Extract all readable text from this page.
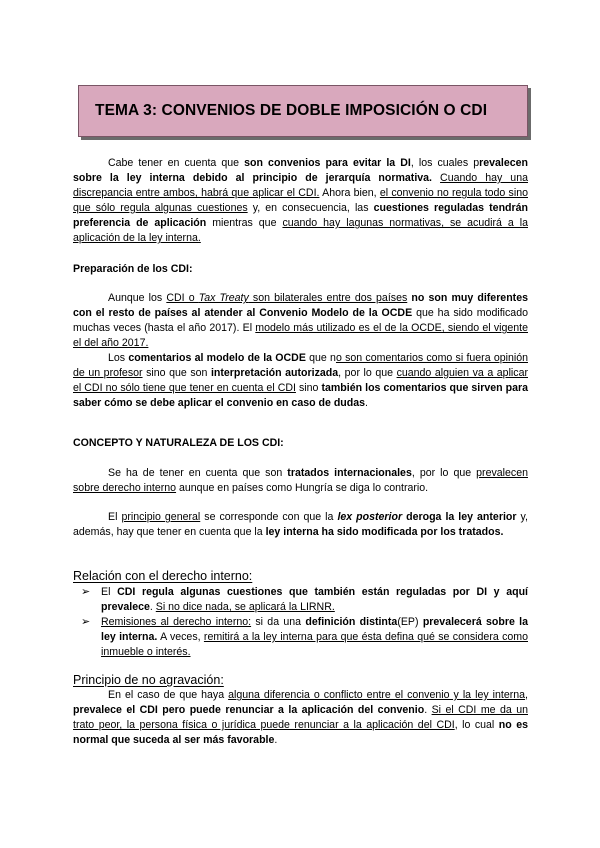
TEMA 3: CONVENIOS DE DOBLE IMPOSICIÓN O CDI

Cabe tener en cuenta que son convenios para evitar la DI, los cuales prevalecen sobre la ley interna debido al principio de jerarquía normativa. Cuando hay una discrepancia entre ambos, habrá que aplicar el CDI. Ahora bien, el convenio no regula todo sino que sólo regula algunas cuestiones y, en consecuencia, las cuestiones reguladas tendrán preferencia de aplicación mientras que cuando hay lagunas normativas, se acudirá a la aplicación de la ley interna.

Preparación de los CDI:

Aunque los CDI o Tax Treaty son bilaterales entre dos países no son muy diferentes con el resto de países al atender al Convenio Modelo de la OCDE que ha sido modificado muchas veces (hasta el año 2017). El modelo más utilizado es el de la OCDE, siendo el vigente el del año 2017.

Los comentarios al modelo de la OCDE que no son comentarios como si fuera opinión de un profesor sino que son interpretación autorizada, por lo que cuando alguien va a aplicar el CDI no sólo tiene que tener en cuenta el CDI sino también los comentarios que sirven para saber cómo se debe aplicar el convenio en caso de dudas.

CONCEPTO Y NATURALEZA DE LOS CDI:

Se ha de tener en cuenta que son tratados internacionales, por lo que prevalecen sobre derecho interno aunque en países como Hungría se diga lo contrario.

El principio general se corresponde con que la lex posterior deroga la ley anterior y, además, hay que tener en cuenta que la ley interna ha sido modificada por los tratados.

Relación con el derecho interno:
➢ El CDI regula algunas cuestiones que también están reguladas por DI y aquí prevalece. Si no dice nada, se aplicará la LIRNR.
➢ Remisiones al derecho interno: si da una definición distinta(EP) prevalecerá sobre la ley interna. A veces, remitirá a la ley interna para que ésta defina qué se considera como inmueble o interés.
Principio de no agravación:

En el caso de que haya alguna diferencia o conflicto entre el convenio y la ley interna, prevalece el CDI pero puede renunciar a la aplicación del convenio. Si el CDI me da un trato peor, la persona física o jurídica puede renunciar a la aplicación del CDI, lo cual no es normal que suceda al ser más favorable.
